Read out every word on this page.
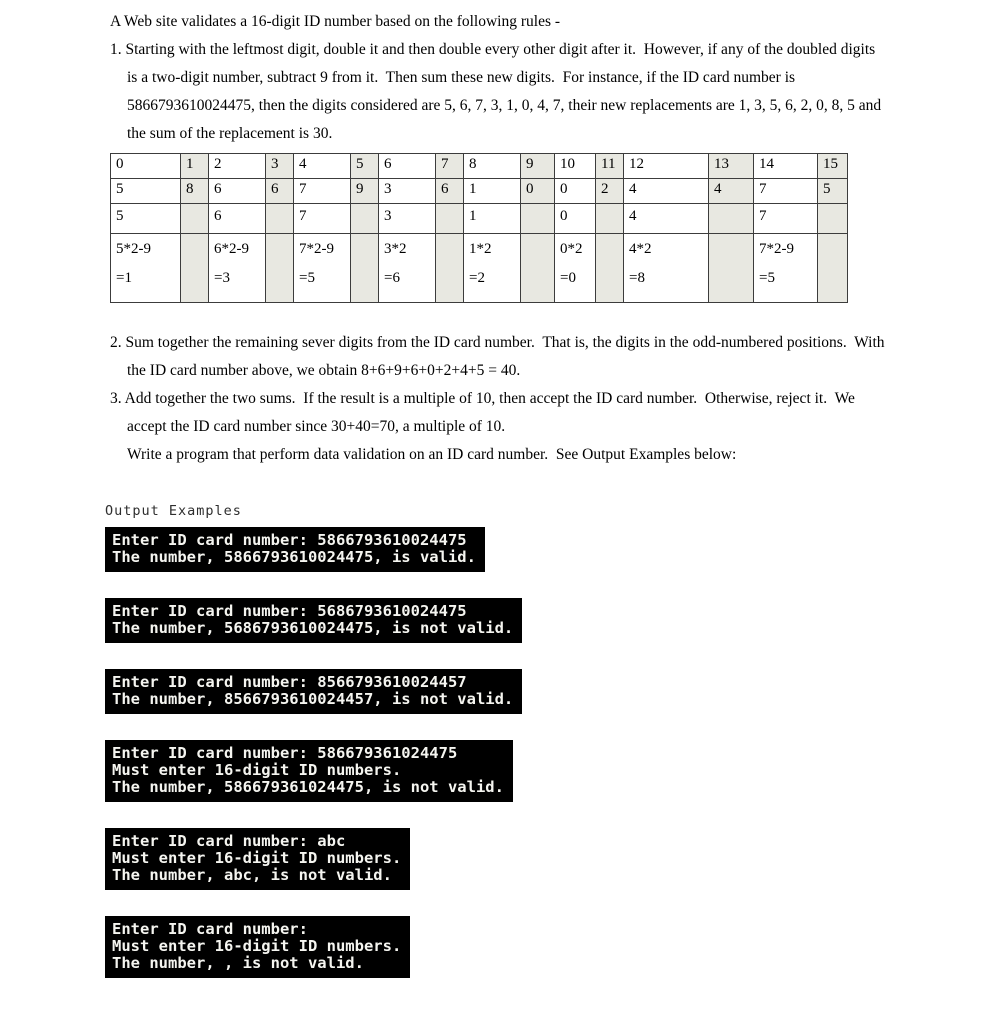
A Web site validates a 16-digit ID number based on the following rules -

1. Starting with the leftmost digit, double it and then double every other digit after it.  However, if any of the doubled digits is a two-digit number, subtract 9 from it.  Then sum these new digits.  For instance, if the ID card number is 5866793610024475, then the digits considered are 5, 6, 7, 3, 1, 0, 4, 7, their new replacements are 1, 3, 5, 6, 2, 0, 8, 5 and the sum of the replacement is 30.

0	1	2	3	4	5	6	7	8	9	10	11	12	13	14	15
5	8	6	6	7	9	3	6	1	0	0	2	4	4	7	5
5		6		7		3		1		0		4		7	
5*2-9		6*2-9		7*2-9		3*2		1*2		0*2		4*2		7*2-9	
=1		=3		=5		=6		=2		=0		=8		=5	

2. Sum together the remaining sever digits from the ID card number.  That is, the digits in the odd-numbered positions.  With the ID card number above, we obtain 8+6+9+6+0+2+4+5 = 40.

3. Add together the two sums.  If the result is a multiple of 10, then accept the ID card number.  Otherwise, reject it.  We accept the ID card number since 30+40=70, a multiple of 10.

Write a program that perform data validation on an ID card number.  See Output Examples below:

Output Examples
Enter ID card number: 5866793610024475
The number, 5866793610024475, is valid.
Enter ID card number: 5686793610024475
The number, 5686793610024475, is not valid.
Enter ID card number: 8566793610024457
The number, 8566793610024457, is not valid.
Enter ID card number: 586679361024475
Must enter 16-digit ID numbers.
The number, 586679361024475, is not valid.
Enter ID card number: abc
Must enter 16-digit ID numbers.
The number, abc, is not valid.
Enter ID card number:
Must enter 16-digit ID numbers.
The number, , is not valid.
